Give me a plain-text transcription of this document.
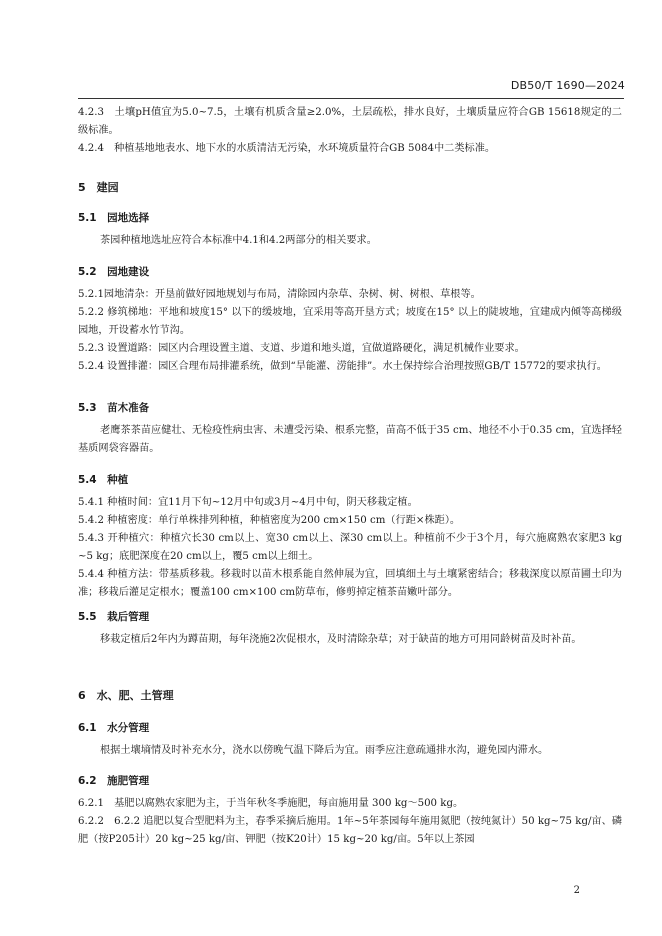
DB50/T 1690—2024
4.2.3　土壤pH值宜为5.0~7.5，土壤有机质含量≥2.0%，土层疏松，排水良好，土壤质量应符合GB 15618规定的二级标准。
4.2.4　种植基地地表水、地下水的水质清洁无污染，水环境质量符合GB 5084中二类标准。
5　建园
5.1　园地选择
茶园种植地选址应符合本标准中4.1和4.2两部分的相关要求。
5.2　园地建设
5.2.1园地清杂：开垦前做好园地规划与布局，清除园内杂草、杂树、树、树根、草根等。
5.2.2 修筑梯地：平地和坡度15° 以下的缓坡地，宜采用等高开垦方式；坡度在15° 以上的陡坡地，宜建成内倾等高梯级园地，开设蓄水竹节沟。
5.2.3 设置道路：园区内合理设置主道、支道、步道和地头道，宜做道路硬化，满足机械作业要求。
5.2.4 设置排灌：园区合理布局排灌系统，做到“旱能灌、涝能排”。水土保持综合治理按照GB/T 15772的要求执行。
5.3　苗木准备
老鹰茶茶苗应健壮、无检疫性病虫害、未遭受污染、根系完整，苗高不低于35 cm、地径不小于0.35 cm，宜选择轻基质网袋容器苗。
5.4　种植
5.4.1 种植时间：宜11月下旬~12月中旬或3月~4月中旬，阴天移栽定植。
5.4.2 种植密度：单行单株排列种植，种植密度为200 cm×150 cm（行距×株距）。
5.4.3 开种植穴：种植穴长30 cm以上、宽30 cm以上、深30 cm以上。种植前不少于3个月，每穴施腐熟农家肥3 kg ~5 kg；底肥深度在20 cm以上，覆5 cm以上细土。
5.4.4 种植方法：带基质移栽。移栽时以苗木根系能自然伸展为宜，回填细土与土壤紧密结合；移栽深度以原苗圃土印为准；移栽后灌足定根水；覆盖100 cm×100 cm防草布，修剪掉定植茶苗嫩叶部分。
5.5　栽后管理
移栽定植后2年内为蹲苗期，每年浇施2次促根水，及时清除杂草；对于缺苗的地方可用同龄树苗及时补苗。
6　水、肥、土管理
6.1　水分管理
根据土壤墒情及时补充水分，浇水以傍晚气温下降后为宜。雨季应注意疏通排水沟，避免园内滞水。
6.2　施肥管理
6.2.1　基肥以腐熟农家肥为主，于当年秋冬季施肥，每亩施用量 300 kg～500 kg。
6.2.2　6.2.2 追肥以复合型肥料为主，春季采摘后施用。1年~5年茶园每年施用氮肥（按纯氮计）50 kg~75 kg/亩、磷肥（按P205计）20 kg~25 kg/亩、钾肥（按K20计）15 kg~20 kg/亩。5年以上茶园
2
